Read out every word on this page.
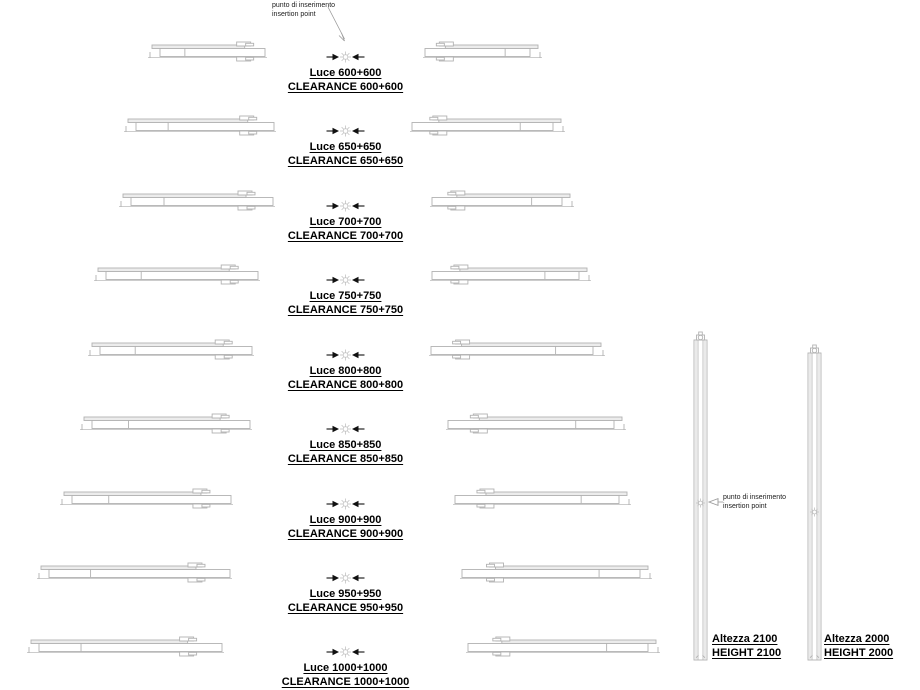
punto di inserimento
insertion point
punto di inserimento
insertion point
Luce 600+600
CLEARANCE 600+600
Luce 650+650
CLEARANCE 650+650
Luce 700+700
CLEARANCE 700+700
Luce 750+750
CLEARANCE 750+750
Luce 800+800
CLEARANCE 800+800
Luce 850+850
CLEARANCE 850+850
Luce 900+900
CLEARANCE 900+900
Luce 950+950
CLEARANCE 950+950
Luce 1000+1000
CLEARANCE 1000+1000
Altezza 2100
HEIGHT 2100
Altezza 2000
HEIGHT 2000
